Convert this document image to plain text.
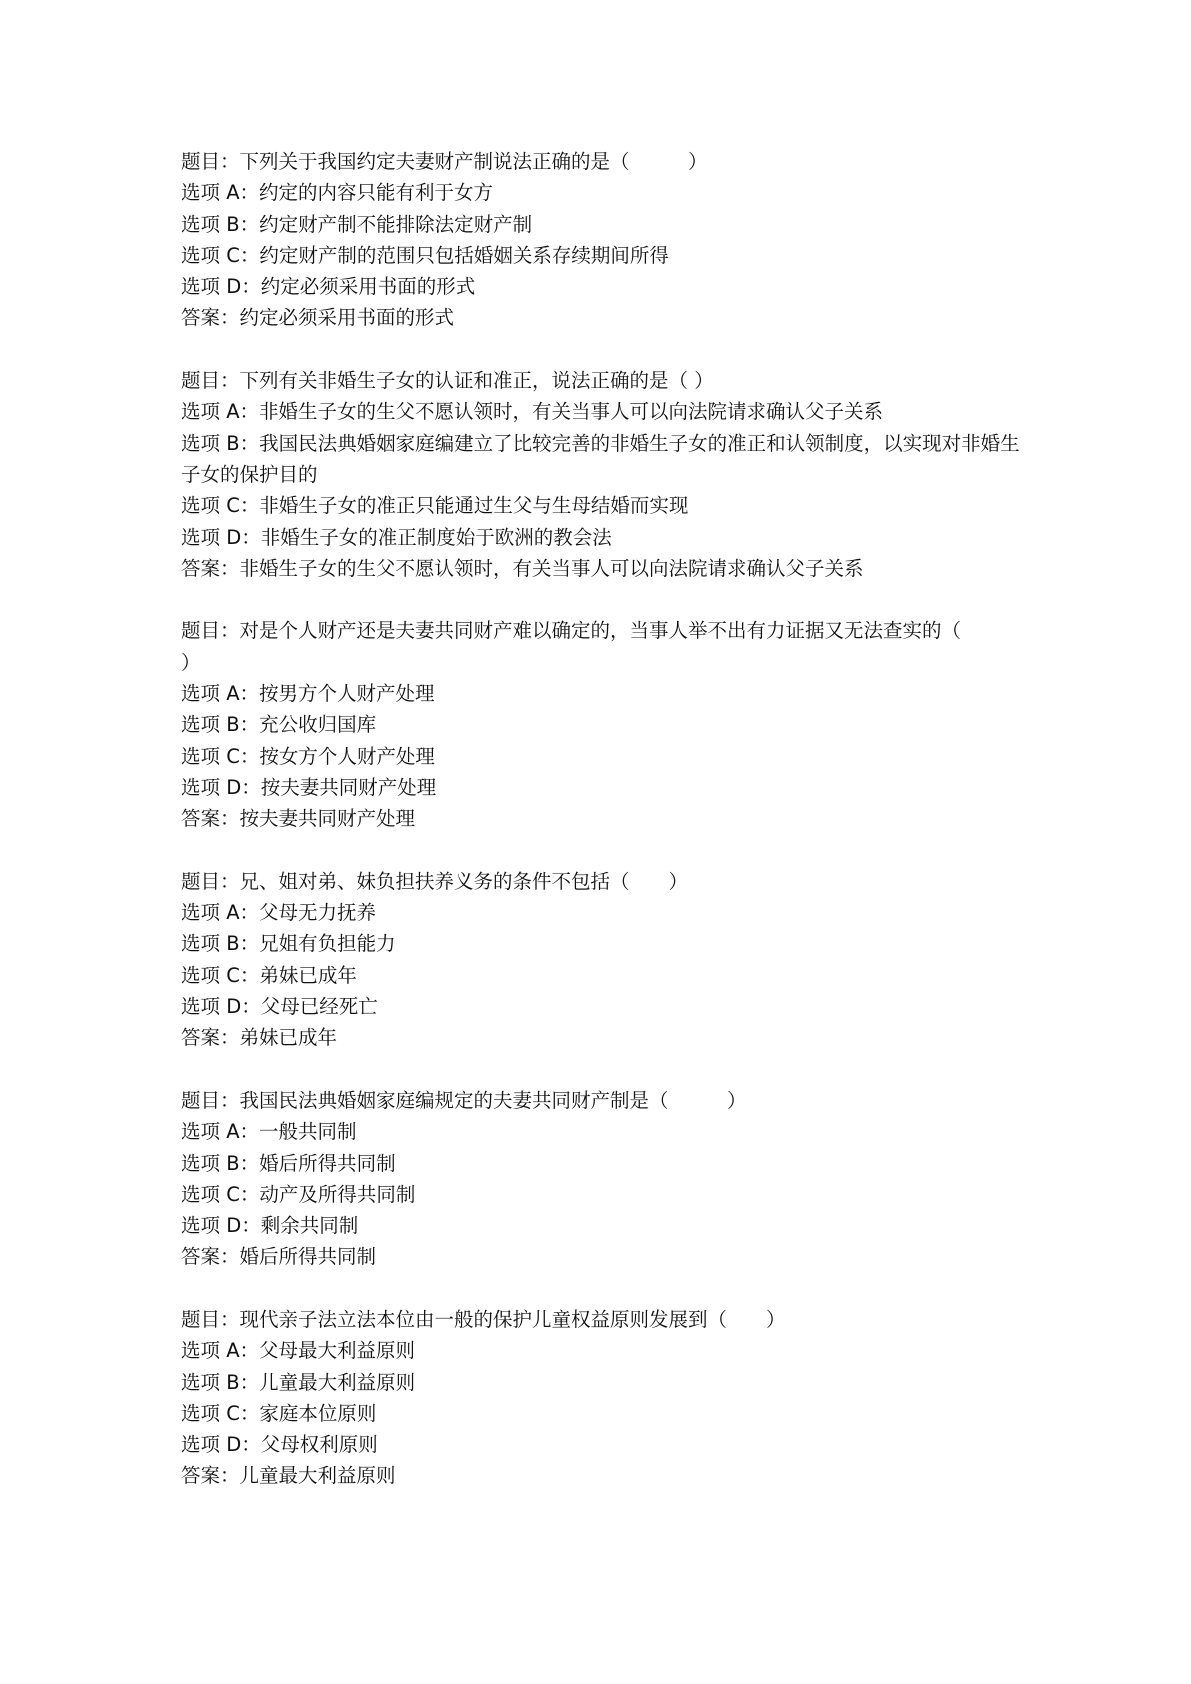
题目：下列关于我国约定夫妻财产制说法正确的是（　　　）
选项 A：约定的内容只能有利于女方
选项 B：约定财产制不能排除法定财产制
选项 C：约定财产制的范围只包括婚姻关系存续期间所得
选项 D：约定必须采用书面的形式
答案：约定必须采用书面的形式
题目：下列有关非婚生子女的认证和准正，说法正确的是（ ）
选项 A：非婚生子女的生父不愿认领时，有关当事人可以向法院请求确认父子关系
选项 B：我国民法典婚姻家庭编建立了比较完善的非婚生子女的准正和认领制度，以实现对非婚生子女的保护目的
选项 C：非婚生子女的准正只能通过生父与生母结婚而实现
选项 D：非婚生子女的准正制度始于欧洲的教会法
答案：非婚生子女的生父不愿认领时，有关当事人可以向法院请求确认父子关系
题目：对是个人财产还是夫妻共同财产难以确定的，当事人举不出有力证据又无法查实的（　　　）
选项 A：按男方个人财产处理
选项 B：充公收归国库
选项 C：按女方个人财产处理
选项 D：按夫妻共同财产处理
答案：按夫妻共同财产处理
题目：兄、姐对弟、妹负担扶养义务的条件不包括（　　）
选项 A：父母无力抚养
选项 B：兄姐有负担能力
选项 C：弟妹已成年
选项 D：父母已经死亡
答案：弟妹已成年
题目：我国民法典婚姻家庭编规定的夫妻共同财产制是（　　　）
选项 A：一般共同制
选项 B：婚后所得共同制
选项 C：动产及所得共同制
选项 D：剩余共同制
答案：婚后所得共同制
题目：现代亲子法立法本位由一般的保护儿童权益原则发展到（　　）
选项 A：父母最大利益原则
选项 B：儿童最大利益原则
选项 C：家庭本位原则
选项 D：父母权利原则
答案：儿童最大利益原则
